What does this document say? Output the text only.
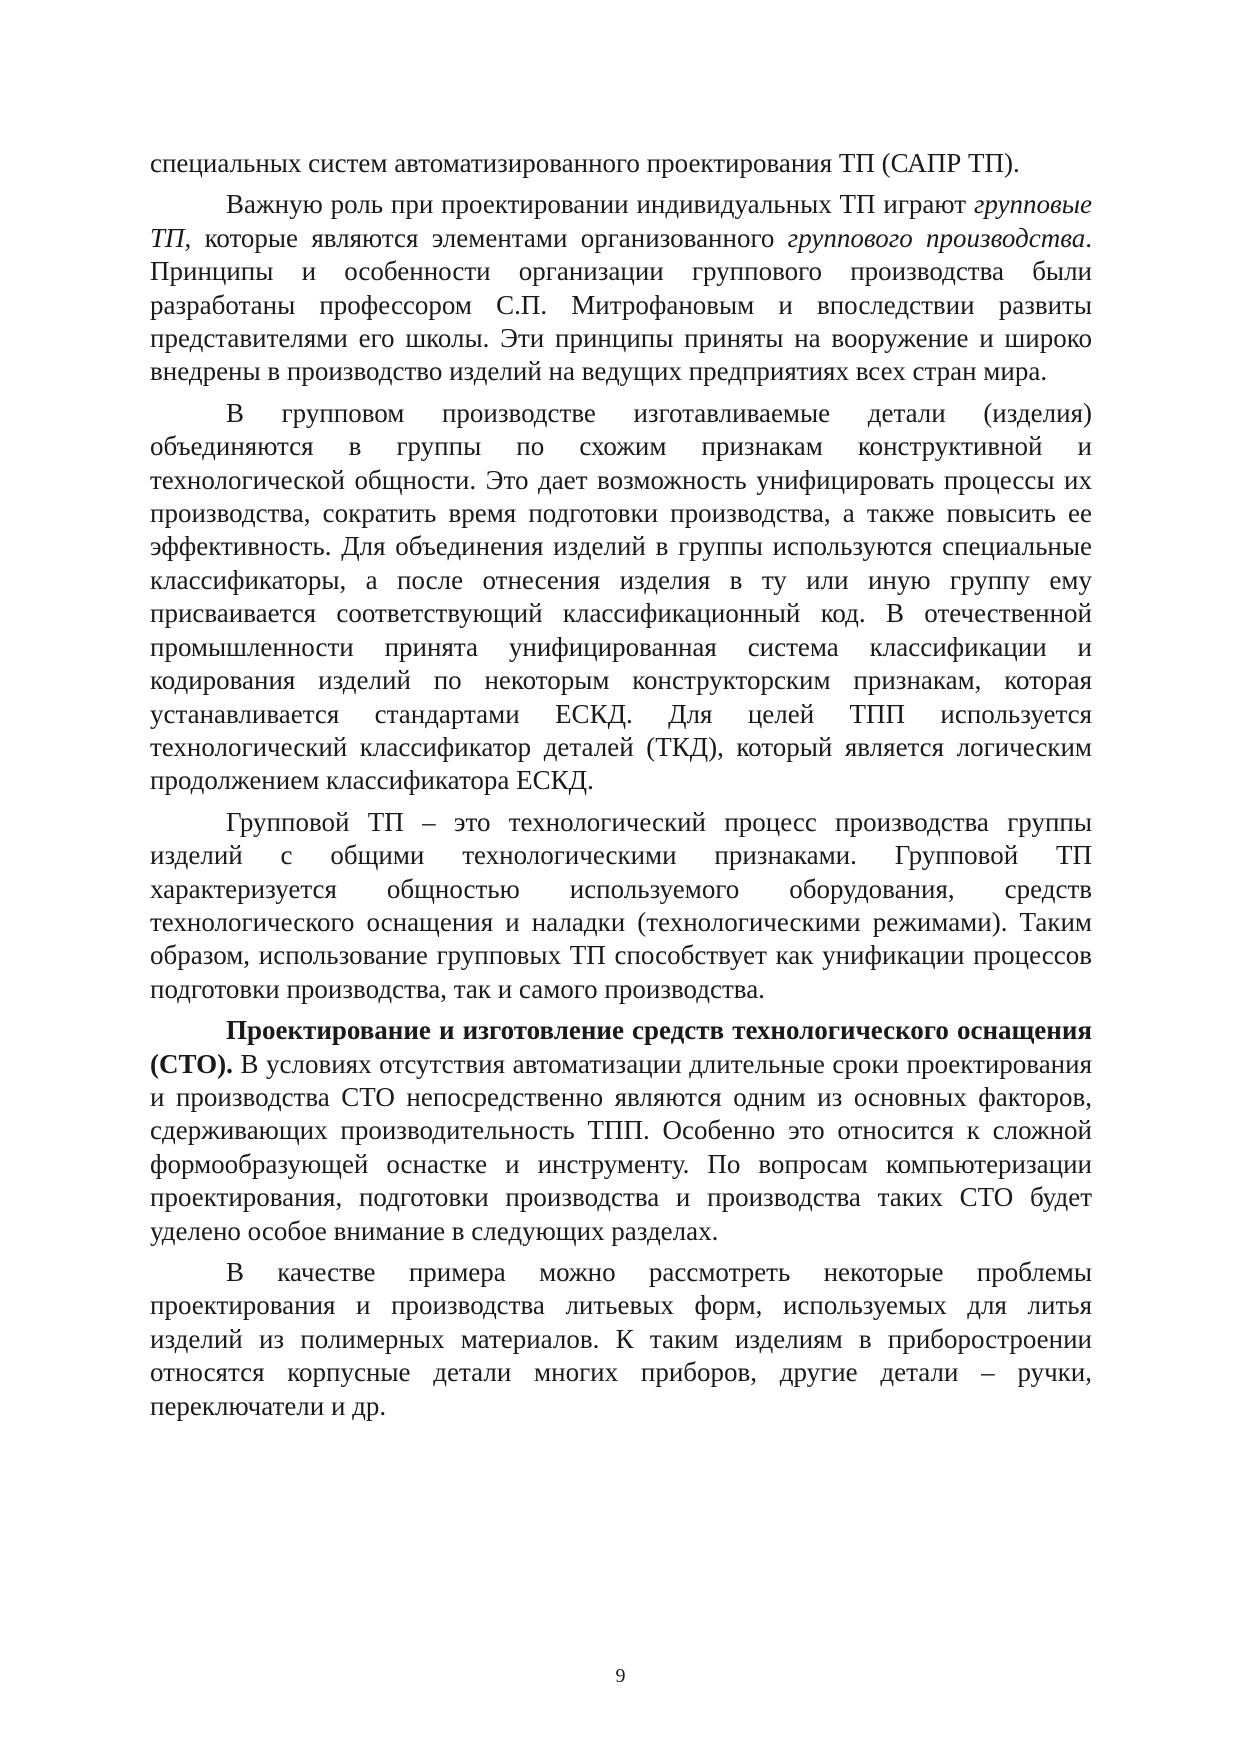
специальных систем автоматизированного проектирования ТП (САПР ТП).

Важную роль при проектировании индивидуальных ТП играют групповые ТП, которые являются элементами организованного группового производства. Принципы и особенности организации группового производства были разработаны профессором С.П. Митрофановым и впоследствии развиты представителями его школы. Эти принципы приняты на вооружение и широко внедрены в производство изделий на ведущих предприятиях всех стран мира.

В групповом производстве изготавливаемые детали (изделия) объединяются в группы по схожим признакам конструктивной и технологической общности. Это дает возможность унифицировать процессы их производства, сократить время подготовки производства, а также повысить ее эффективность. Для объединения изделий в группы используются специальные классификаторы, а после отнесения изделия в ту или иную группу ему присваивается соответствующий классификационный код. В отечественной промышленности принята унифицированная система классификации и кодирования изделий по некоторым конструкторским признакам, которая устанавливается стандартами ЕСКД. Для целей ТПП используется технологический классификатор деталей (ТКД), который является логическим продолжением классификатора ЕСКД.

Групповой ТП – это технологический процесс производства группы изделий с общими технологическими признаками. Групповой ТП характеризуется общностью используемого оборудования, средств технологического оснащения и наладки (технологическими режимами). Таким образом, использование групповых ТП способствует как унификации процессов подготовки производства, так и самого производства.

Проектирование и изготовление средств технологического оснащения (СТО). В условиях отсутствия автоматизации длительные сроки проектирования и производства СТО непосредственно являются одним из основных факторов, сдерживающих производительность ТПП. Особенно это относится к сложной формообразующей оснастке и инструменту. По вопросам компьютеризации проектирования, подготовки производства и производства таких СТО будет уделено особое внимание в следующих разделах.

В качестве примера можно рассмотреть некоторые проблемы проектирования и производства литьевых форм, используемых для литья изделий из полимерных материалов. К таким изделиям в приборостроении относятся корпусные детали многих приборов, другие детали – ручки, переключатели и др.

9
